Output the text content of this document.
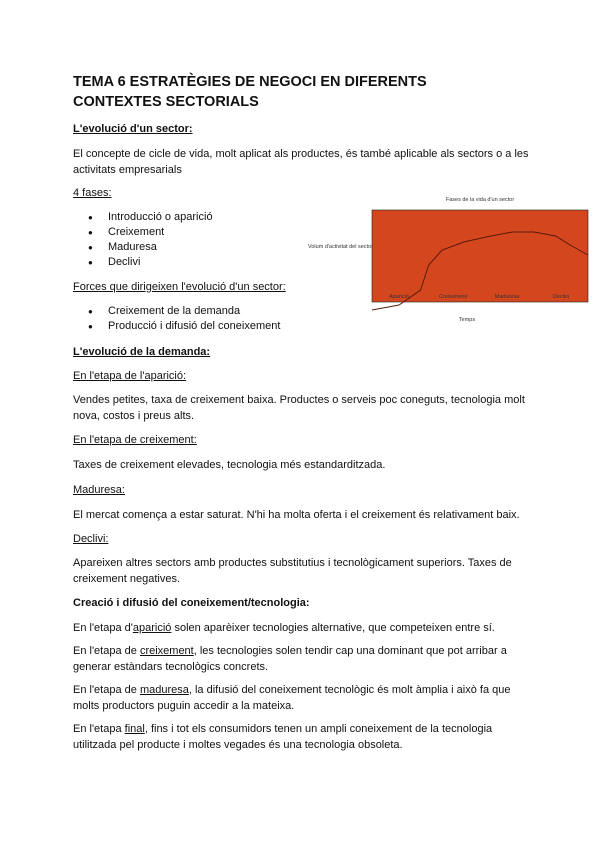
TEMA 6 ESTRATÈGIES DE NEGOCI EN DIFERENTS CONTEXTES SECTORIALS

L'evolució d'un sector:

El concepte de cicle de vida, molt aplicat als productes, és també aplicable als sectors o a les activitats empresarials

4 fases:

● Introducció o aparició
● Creixement
● Maduresa
● Declivi

Forces que dirigeixen l'evolució d'un sector:

● Creixement de la demanda
● Producció i difusió del coneixement
Fases de la vida d'un sector
Volum d'activitat del sector
Temps
Aparició	Creixement	Maduresa	Declivi

L'evolució de la demanda:

En l'etapa de l'aparició:

Vendes petites, taxa de creixement baixa. Productes o serveis poc coneguts, tecnologia molt nova, costos i preus alts.

En l'etapa de creixement:

Taxes de creixement elevades, tecnologia més estandarditzada.

Maduresa:

El mercat comença a estar saturat. N'hi ha molta oferta i el creixement és relativament baix.

Declivi:

Apareixen altres sectors amb productes substitutius i tecnològicament superiors. Taxes de creixement negatives.

Creació i difusió del coneixement/tecnologia:

En l'etapa d'aparició solen aparèixer tecnologies alternative, que competeixen entre sí.

En l'etapa de creixement, les tecnologies solen tendir cap una dominant que pot arribar a generar estàndars tecnològics concrets.

En l'etapa de maduresa, la difusió del coneixement tecnològic és molt àmplia i això fa que molts productors puguin accedir a la mateixa.

En l'etapa final, fins i tot els consumidors tenen un ampli coneixement de la tecnologia utilitzada pel producte i moltes vegades és una tecnologia obsoleta.
